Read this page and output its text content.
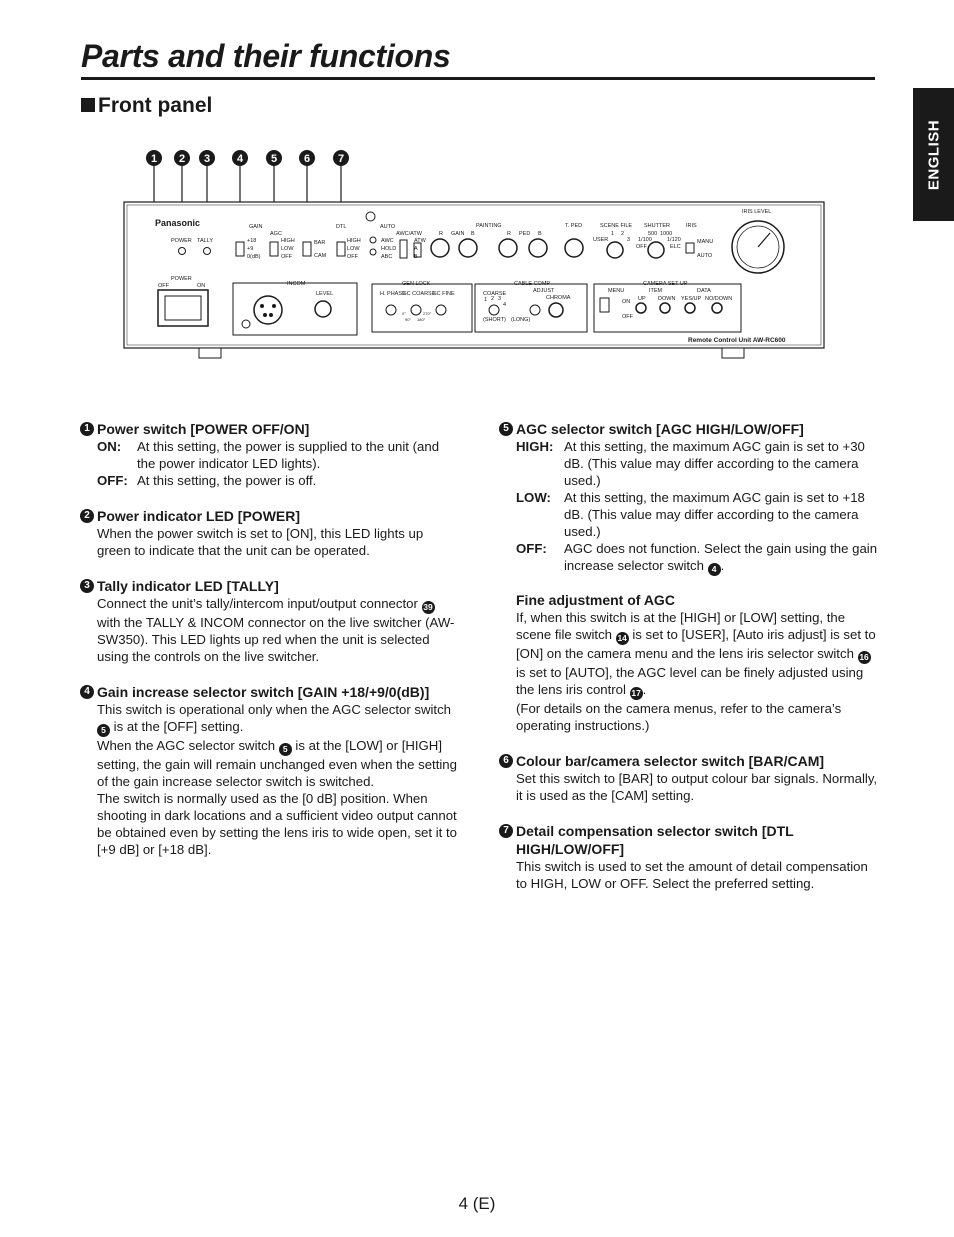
Parts and their functions
Front panel
ENGLISH
1 2 3 4	5 6	7
Panasonic
POWER TALLY
GAIN
AGC
DTL
+18
+9
0(dB)
HIGH
LOW
OFF
BAR
CAM
HIGH
LOW
OFF
POWER
OFF	ON	INCOM
LEVEL
AUTO
AWC/ATW
AWC
HOLD
ABC
ATW
A
B
PAINTING
R GAIN B	R PED B
T. PED	SCENE FILE
USER
1 2
3
SHUTTER
500 1000
1/100
OFF
1/120
ELC
IRIS
MANU
AUTO
IRIS LEVEL
GEN LOCK
H. PHASE
SC COARSE
SC FINE
0°
90° 180°
270°
CABLE COMP
COARSE	ADJUST
CHROMA
1 2 3
4
(SHORT) (LONG)
MENU
ON
OFF
CAMERA SET UP
ITEM	DATA
UP DOWN YES/UP NO/DOWN
Remote Control Unit AW-RC600
1 Power switch [POWER OFF/ON]
ON:	At this setting, the power is supplied to the unit (and the power indicator LED lights).
OFF: At this setting, the power is off.
2 Power indicator LED [POWER]
When the power switch is set to [ON], this LED lights up green to indicate that the unit can be operated.
3 Tally indicator LED [TALLY]
Connect the unit’s tally/intercom input/output connector 39 with the TALLY & INCOM connector on the live switcher (AW-SW350). This LED lights up red when the unit is selected using the controls on the live switcher.
4 Gain increase selector switch [GAIN +18/+9/0(dB)]
This switch is operational only when the AGC selector switch 5 is at the [OFF] setting.
When the AGC selector switch 5 is at the [LOW] or [HIGH] setting, the gain will remain unchanged even when the setting of the gain increase selector switch is switched.
The switch is normally used as the [0 dB] position. When shooting in dark locations and a sufficient video output cannot be obtained even by setting the lens iris to wide open, set it to [+9 dB] or [+18 dB].
5 AGC selector switch [AGC HIGH/LOW/OFF]
HIGH: At this setting, the maximum AGC gain is set to +30 dB. (This value may differ according to the camera used.)
LOW: At this setting, the maximum AGC gain is set to +18 dB. (This value may differ according to the camera used.)
OFF:	AGC does not function. Select the gain using the gain increase selector switch 4 .
Fine adjustment of AGC
If, when this switch is at the [HIGH] or [LOW] setting, the scene file switch 14 is set to [USER], [Auto iris adjust] is set to [ON] on the camera menu and the lens iris selector switch 16 is set to [AUTO], the AGC level can be finely adjusted using the lens iris control 17 .
(For details on the camera menus, refer to the camera’s operating instructions.)
6 Colour bar/camera selector switch [BAR/CAM]
Set this switch to [BAR] to output colour bar signals. Normally, it is used as the [CAM] setting.
7 Detail compensation selector switch [DTL HIGH/LOW/OFF]
This switch is used to set the amount of detail compensation to HIGH, LOW or OFF. Select the preferred setting.
4 (E)
